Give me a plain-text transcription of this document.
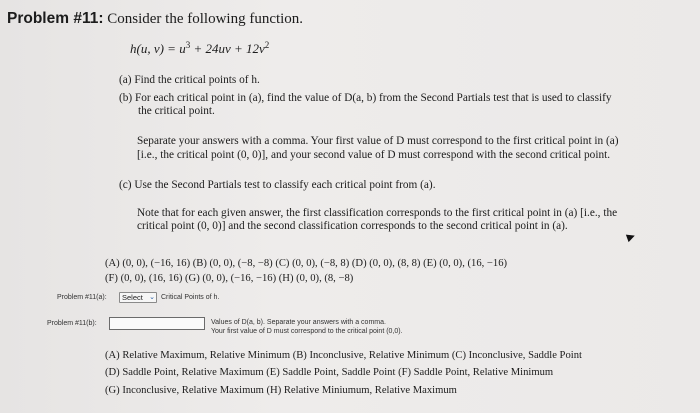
Problem #11: Consider the following function.
h(u, $v) = u^3 + 24uv + 12v^2$
(a) Find the critical points of h.
(b) For each critical point in (a), find the value of D(a, b) from the Second Partials test that is used to classify
the critical point.
Separate your answers with a comma. Your first value of D must correspond to the first critical point in (a)
[i.e., the critical point (0, 0)], and your second value of D must correspond with the second critical point.
(c) Use the Second Partials test to classify each critical point from (a).
Note that for each given answer, the first classification corresponds to the first critical point in (a) [i.e., the
critical point (0, 0)] and the second classification corresponds to the second critical point in (a).
(A) (0, 0), (−16, 16) (B) (0, 0), (−8, −8) (C) (0, 0), (−8, 8) (D) (0, 0), (8, 8) (E) (0, 0), (16, −16)
(F) (0, 0), (16, 16) (G) (0, 0), (−16, −16) (H) (0, 0), (8, −8)
Problem #11(a):	Select ⌄ Critical Points of h.
Problem #11(b):	Values of D(a, b). Separate your answers with a comma.
Your first value of D must correspond to the critical point (0,0).
(A) Relative Maximum, Relative Minimum (B) Inconclusive, Relative Minimum (C) Inconclusive, Saddle Point
(D) Saddle Point, Relative Maximum (E) Saddle Point, Saddle Point (F) Saddle Point, Relative Minimum
(G) Inconclusive, Relative Maximum (H) Relative Miniumum, Relative Maximum
